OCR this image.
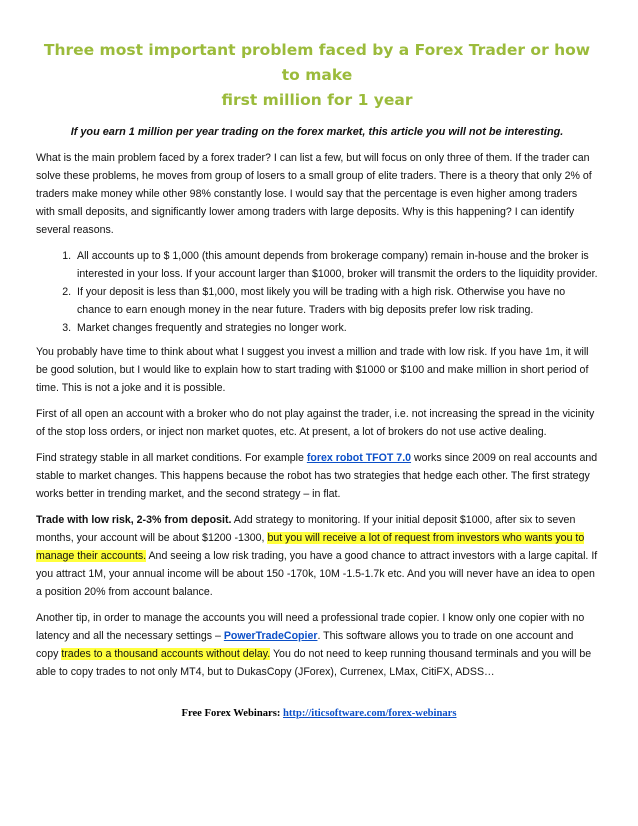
Three most important problem faced by a Forex Trader or how to make
first million for 1 year
If you earn 1 million per year trading on the forex market, this article you will not be interesting.

What is the main problem faced by a forex trader? I can list a few, but will focus on only three of them. If the trader can solve these problems, he moves from group of losers to a small group of elite traders. There is a theory that only 2% of traders make money while other 98% constantly lose. I would say that the percentage is even higher among traders with small deposits, and significantly lower among traders with large deposits. Why is this happening? I can identify several reasons.

1. All accounts up to $ 1,000 (this amount depends from brokerage company) remain in-house and the broker is interested in your loss. If your account larger than $1000, broker will transmit the orders to the liquidity provider.
2. If your deposit is less than $1,000, most likely you will be trading with a high risk. Otherwise you have no chance to earn enough money in the near future. Traders with big deposits prefer low risk trading.
3. Market changes frequently and strategies no longer work.

You probably have time to think about what I suggest you invest a million and trade with low risk. If you have 1m, it will be good solution, but I would like to explain how to start trading with $1000 or $100 and make million in short period of time. This is not a joke and it is possible.

First of all open an account with a broker who do not play against the trader, i.e. not increasing the spread in the vicinity of the stop loss orders, or inject non market quotes, etc. At present, a lot of brokers do not use active dealing.

Find strategy stable in all market conditions. For example forex robot TFOT 7.0 works since 2009 on real accounts and stable to market changes. This happens because the robot has two strategies that hedge each other. The first strategy works better in trending market, and the second strategy – in flat.

Trade with low risk, 2-3% from deposit. Add strategy to monitoring. If your initial deposit $1000, after six to seven months, your account will be about $1200 -1300, but you will receive a lot of request from investors who wants you to manage their accounts. And seeing a low risk trading, you have a good chance to attract investors with a large capital. If you attract 1M, your annual income will be about 150 -170k, 10M -1.5-1.7k etc. And you will never have an idea to open a position 20% from account balance.

Another tip, in order to manage the accounts you will need a professional trade copier. I know only one copier with no latency and all the necessary settings – PowerTradeCopier. This software allows you to trade on one account and copy trades to a thousand accounts without delay. You do not need to keep running thousand terminals and you will be able to copy trades to not only MT4, but to DukasCopy (JForex), Currenex, LMax, CitiFX, ADSS…

Free Forex Webinars: http://iticsoftware.com/forex-webinars
